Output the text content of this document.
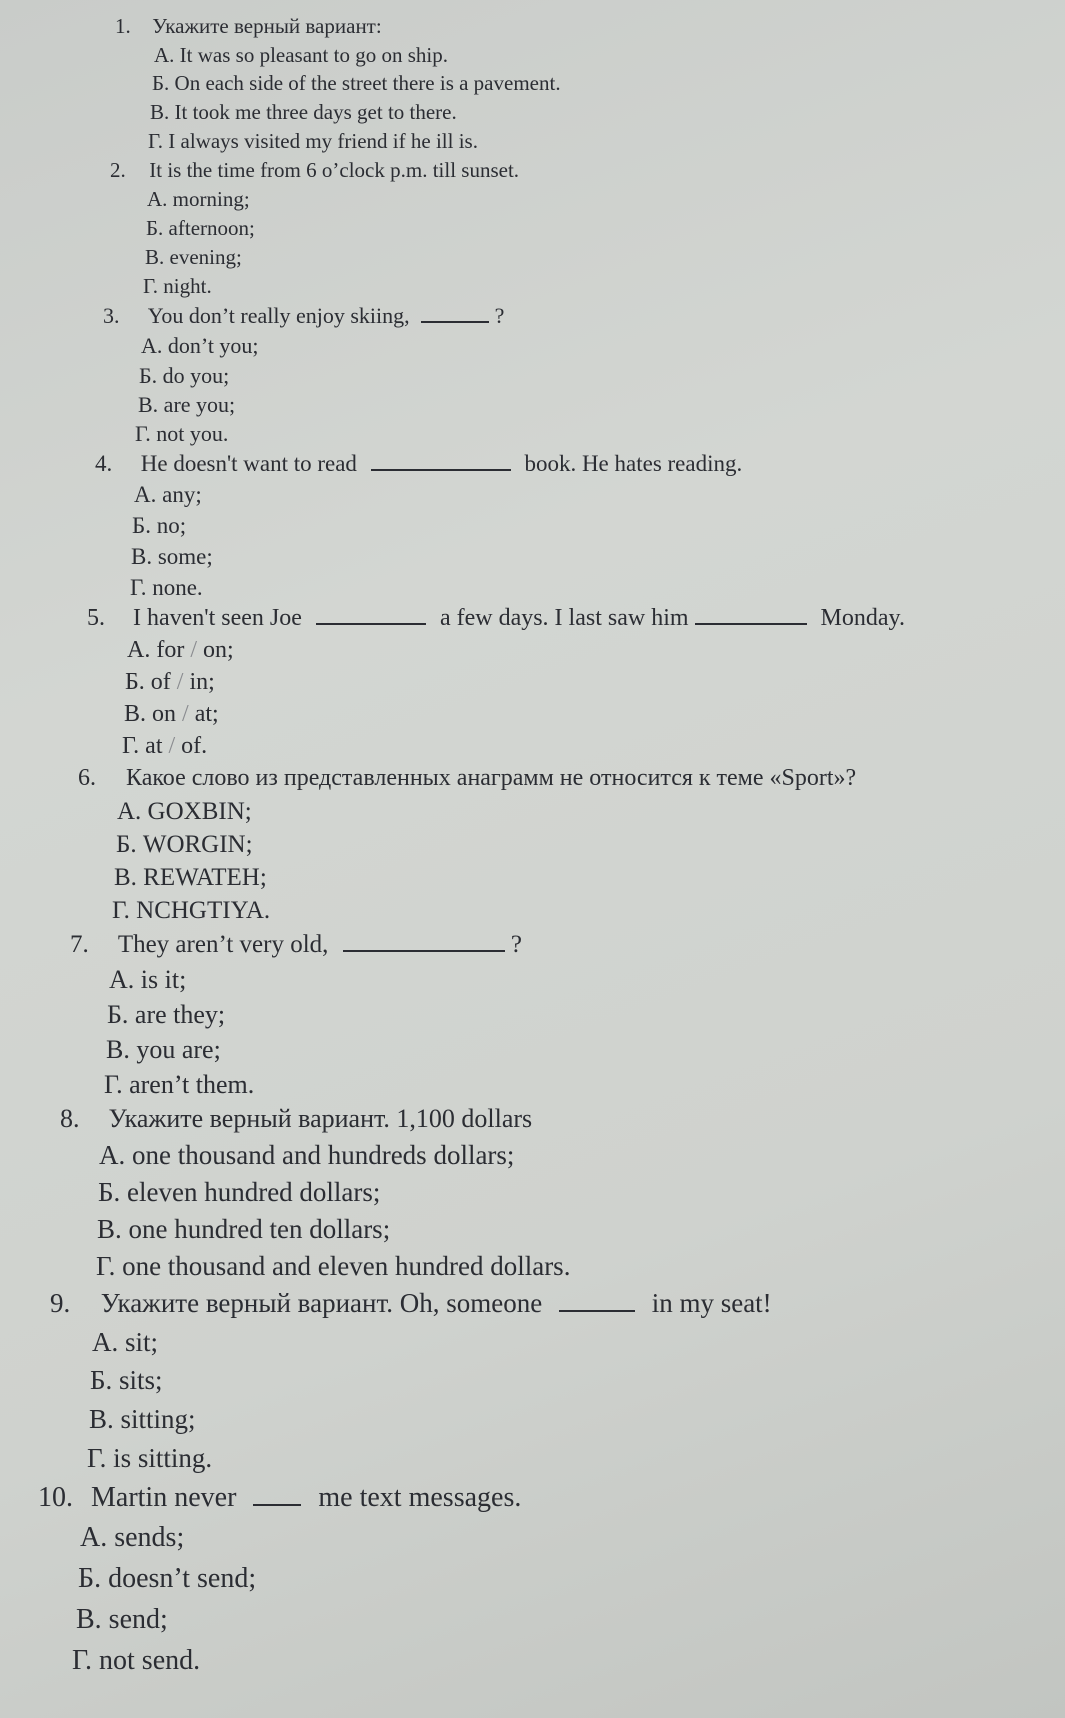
1. Укажите верный вариант:
A. It was so pleasant to go on ship.
Б. On each side of the street there is a pavement.
В. It took me three days get to there.
Г. I always visited my friend if he ill is.
2. It is the time from 6 o’clock p.m. till sunset.
A. morning;
Б. afternoon;
В. evening;
Г. night.
3. You don’t really enjoy skiing,	?
A. don’t you;
Б. do you;
В. are you;
Г. not you.
4. He doesn't want to read	book. He hates reading.
A. any;
Б. no;
В. some;
Г. none.
5. I haven't seen Joe	a few days. I last saw him	Monday.
A. for / on;
Б. of / in;
В. on / at;
Г. at / of.
6. Какое слово из представленных анаграмм не относится к теме «Sport»?
A. GOXBIN;
Б. WORGIN;
В. REWATEH;
Г. NCHGTIYA.
7. They aren’t very old,	?
A. is it;
Б. are they;
В. you are;
Г. aren’t them.
8. Укажите верный вариант. 1,100 dollars
A. one thousand and hundreds dollars;
Б. eleven hundred dollars;
В. one hundred ten dollars;
Г. one thousand and eleven hundred dollars.
9. Укажите верный вариант. Oh, someone	in my seat!
A. sit;
Б. sits;
В. sitting;
Г. is sitting.
10. Martin never	me text messages.
A. sends;
Б. doesn’t send;
В. send;
Г. not send.
